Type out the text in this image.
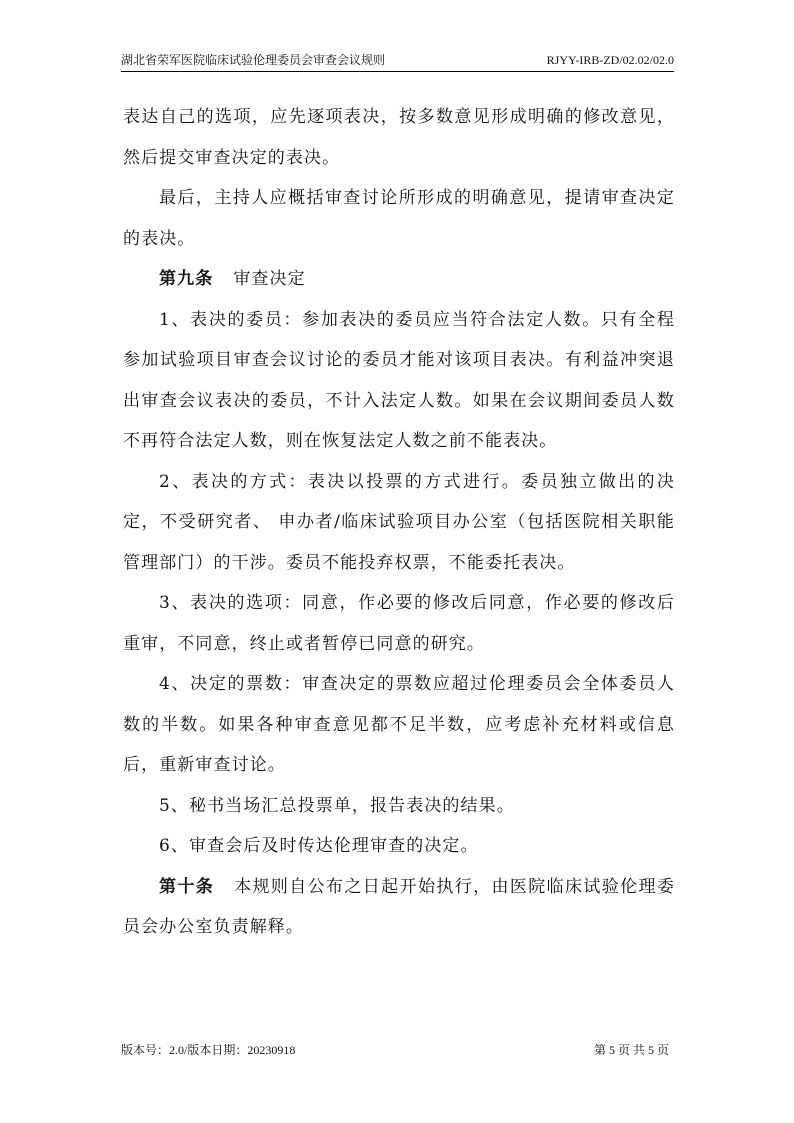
湖北省荣军医院临床试验伦理委员会审查会议规则	RJYY-IRB-ZD/02.02/02.0

表达自己的选项，应先逐项表决，按多数意见形成明确的修改意见，然后提交审查决定的表决。

最后，主持人应概括审查讨论所形成的明确意见，提请审查决定的表决。

第九条 审查决定

1、表决的委员：参加表决的委员应当符合法定人数。只有全程参加试验项目审查会议讨论的委员才能对该项目表决。有利益冲突退出审查会议表决的委员，不计入法定人数。如果在会议期间委员人数不再符合法定人数，则在恢复法定人数之前不能表决。

2、表决的方式：表决以投票的方式进行。委员独立做出的决定，不受研究者、 申办者/临床试验项目办公室（包括医院相关职能管理部门）的干涉。委员不能投弃权票，不能委托表决。

3、表决的选项：同意，作必要的修改后同意，作必要的修改后重审，不同意，终止或者暂停已同意的研究。

4、决定的票数：审查决定的票数应超过伦理委员会全体委员人数的半数。如果各种审查意见都不足半数，应考虑补充材料或信息后，重新审查讨论。

5、秘书当场汇总投票单，报告表决的结果。

6、审查会后及时传达伦理审查的决定。

第十条 本规则自公布之日起开始执行，由医院临床试验伦理委员会办公室负责解释。

版本号：2.0/版本日期：20230918	第 5 页 共 5 页
